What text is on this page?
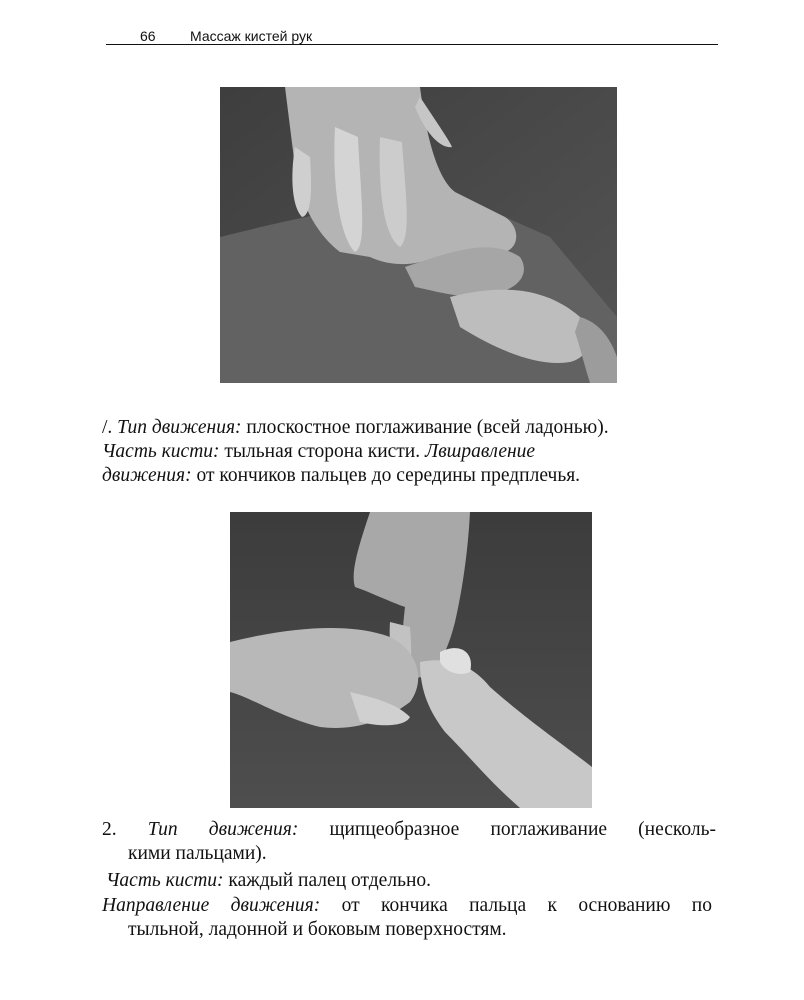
66 Массаж кистей рук
/. Тип движения: плоскостное поглаживание (всей ладонью).
Часть кисти: тыльная сторона кисти. Лвшравление
движения: от кончиков пальцев до середины предплечья.
2. Тип движения: щипцеобразное поглаживание (несколь-
кими пальцами).
Часть кисти: каждый палец отдельно.
Направление движения: от кончика пальца к основанию по
тыльной, ладонной и боковым поверхностям.
